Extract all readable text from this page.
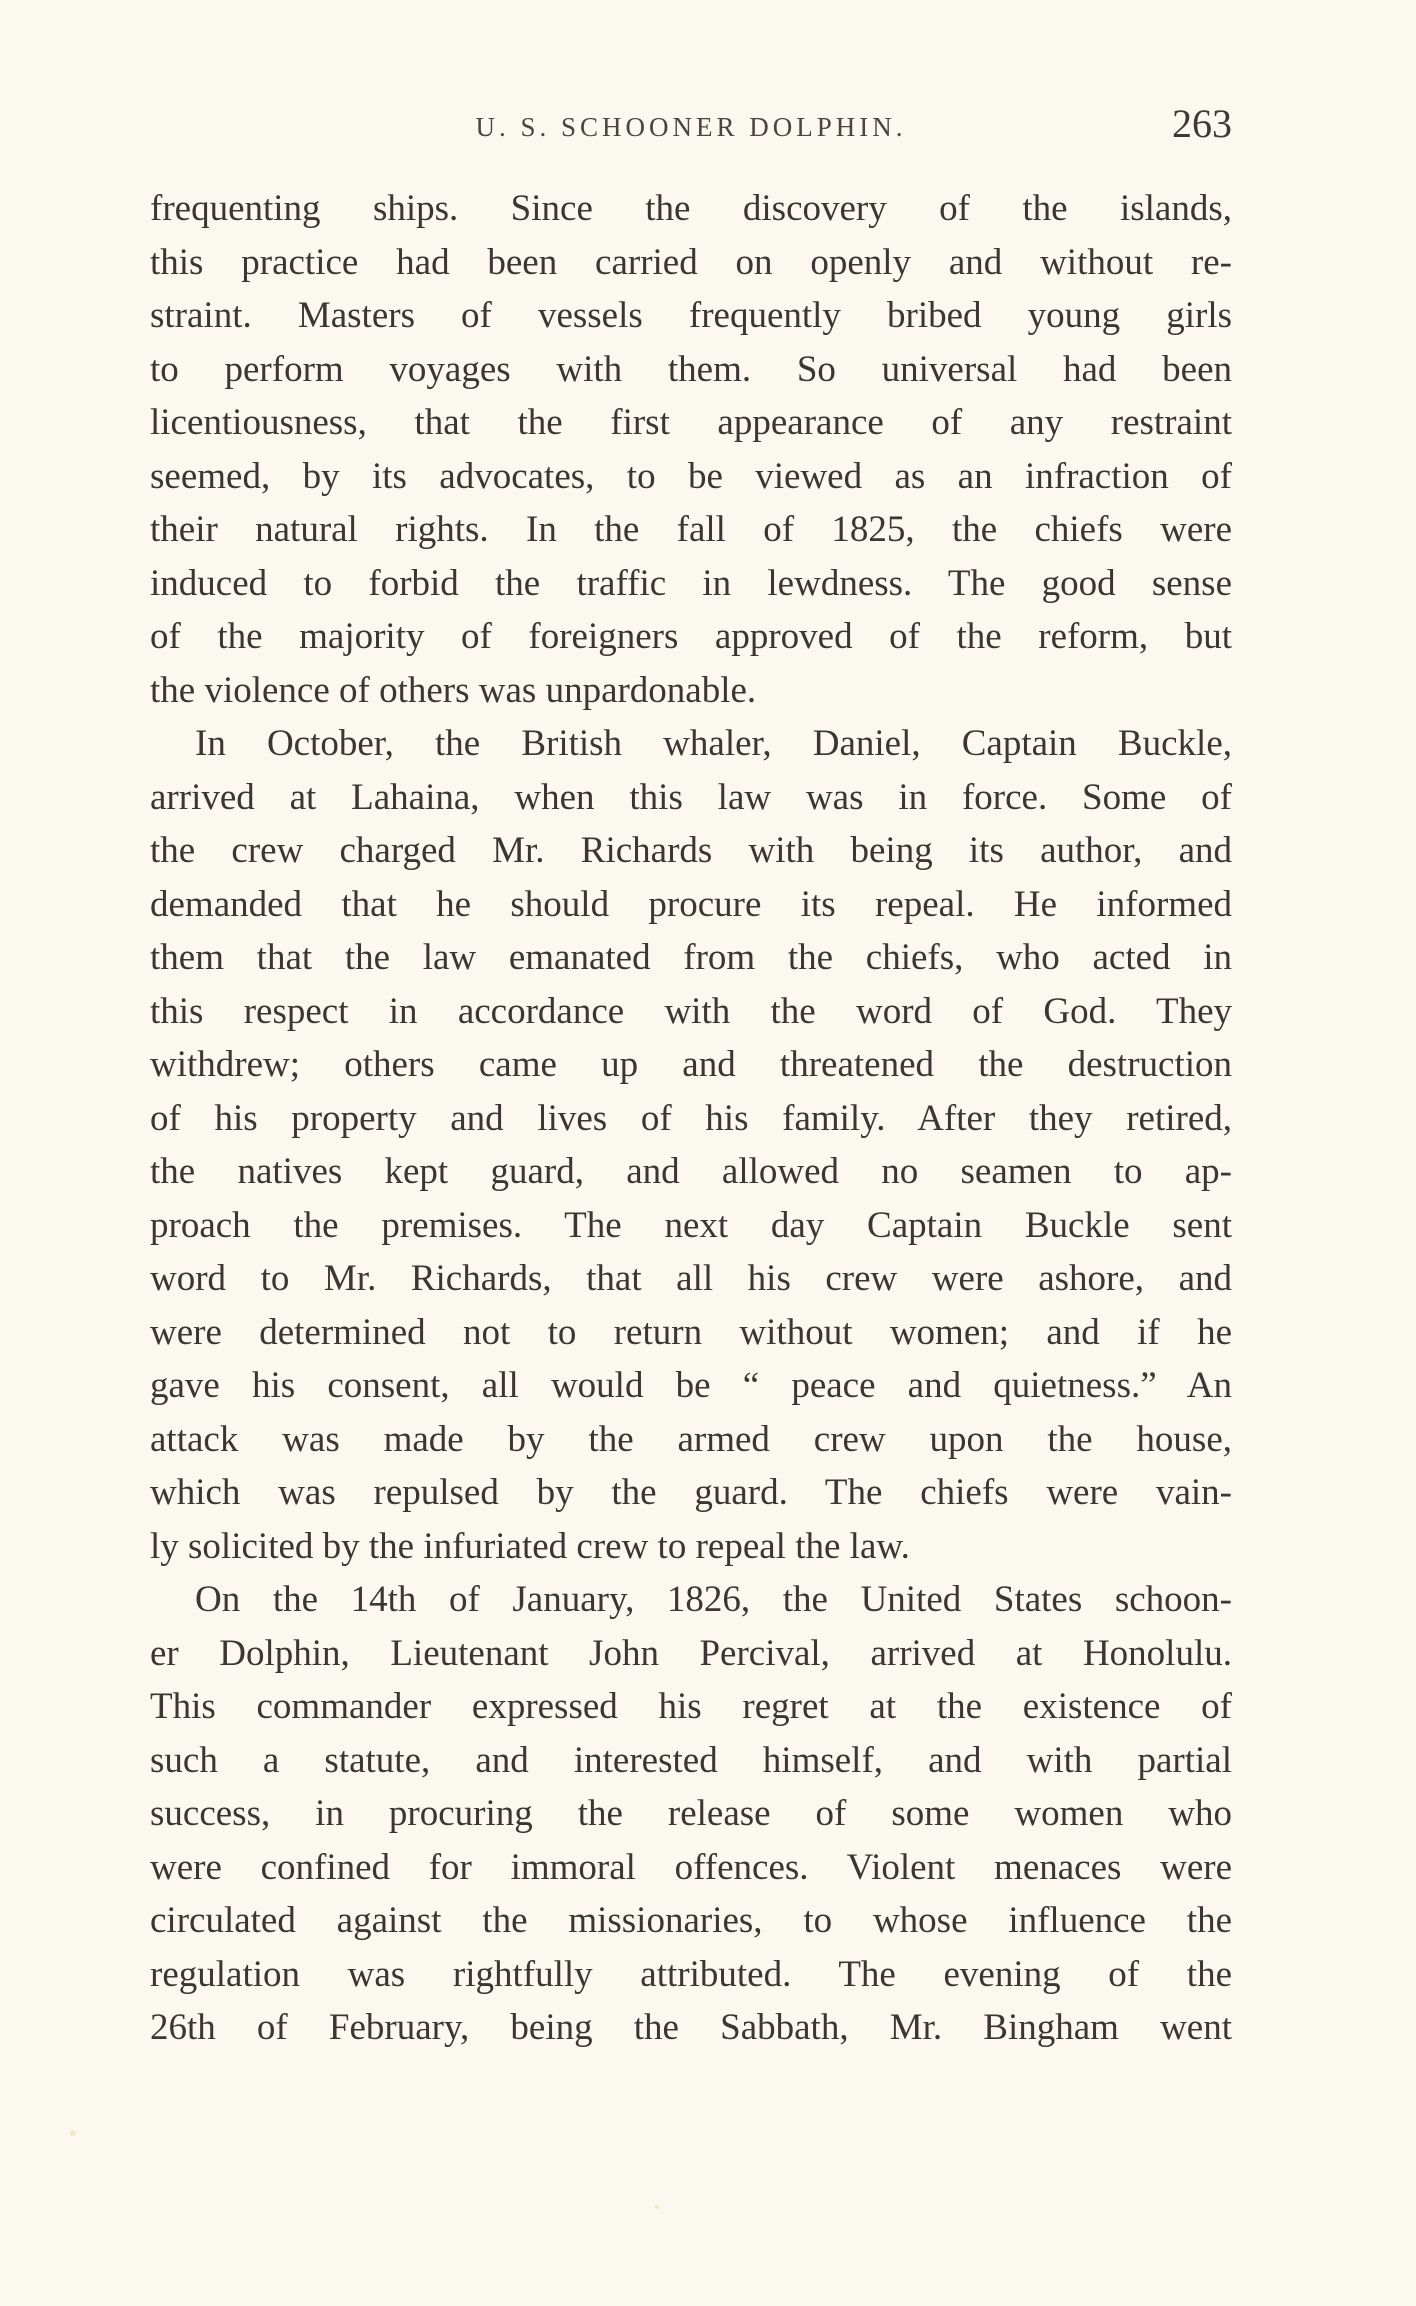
U. S. SCHOONER DOLPHIN.	263
frequenting ships. Since the discovery of the islands,
this practice had been carried on openly and without re-
straint. Masters of vessels frequently bribed young girls
to perform voyages with them. So universal had been
licentiousness, that the first appearance of any restraint
seemed, by its advocates, to be viewed as an infraction of
their natural rights. In the fall of 1825, the chiefs were
induced to forbid the traffic in lewdness. The good sense
of the majority of foreigners approved of the reform, but
the violence of others was unpardonable.
In October, the British whaler, Daniel, Captain Buckle,
arrived at Lahaina, when this law was in force. Some of
the crew charged Mr. Richards with being its author, and
demanded that he should procure its repeal. He informed
them that the law emanated from the chiefs, who acted in
this respect in accordance with the word of God. They
withdrew; others came up and threatened the destruction
of his property and lives of his family. After they retired,
the natives kept guard, and allowed no seamen to ap-
proach the premises. The next day Captain Buckle sent
word to Mr. Richards, that all his crew were ashore, and
were determined not to return without women; and if he
gave his consent, all would be “ peace and quietness.” An
attack was made by the armed crew upon the house,
which was repulsed by the guard. The chiefs were vain-
ly solicited by the infuriated crew to repeal the law.
On the 14th of January, 1826, the United States schoon-
er Dolphin, Lieutenant John Percival, arrived at Honolulu.
This commander expressed his regret at the existence of
such a statute, and interested himself, and with partial
success, in procuring the release of some women who
were confined for immoral offences. Violent menaces were
circulated against the missionaries, to whose influence the
regulation was rightfully attributed. The evening of the
26th of February, being the Sabbath, Mr. Bingham went
